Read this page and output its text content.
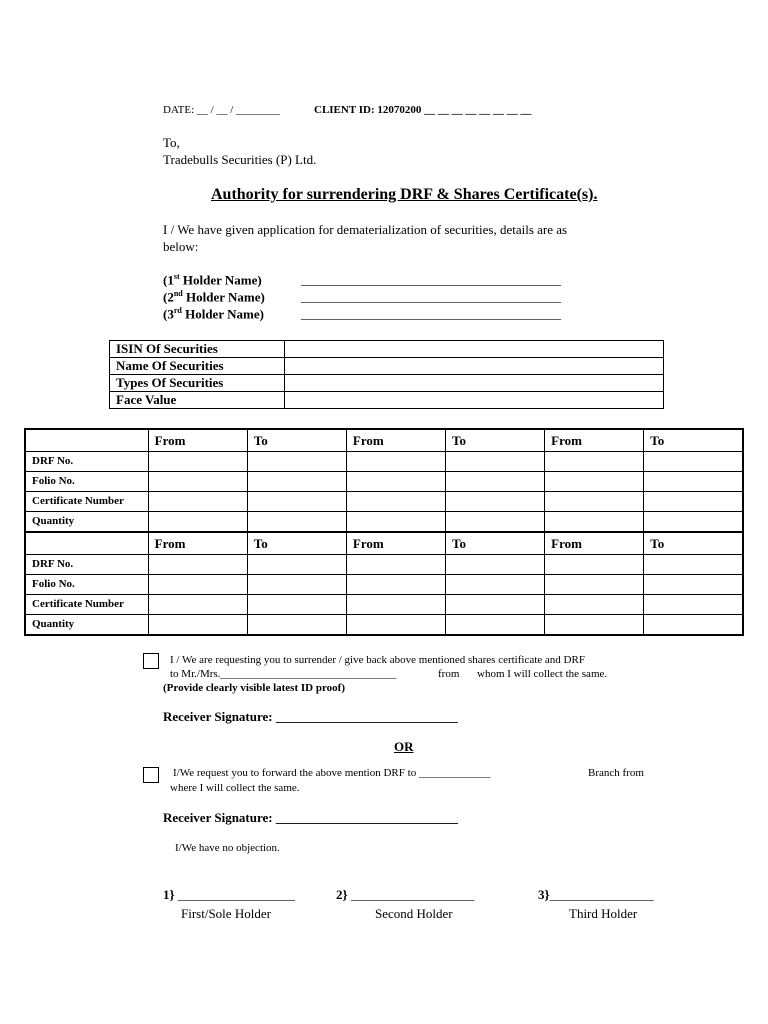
DATE: __ / __ / ________	CLIENT ID: 12070200 __ __ __ __ __ __ __ __
To,
Tradebulls Securities (P) Ltd.
Authority for surrendering DRF & Shares Certificate(s).
I / We have given application for dematerialization of securities, details are as
below:
(1st Holder Name)	________________________________________
(2nd Holder Name)	________________________________________
(3rd Holder Name)	________________________________________
ISIN Of Securities	
Name Of Securities	
Types Of Securities	
Face Value	
	From	To	From	To	From	To
DRF No.						
Folio No.						
Certificate Number						
Quantity						
	From	To	From	To	From	To
DRF No.						
Folio No.						
Certificate Number						
Quantity						
I / We are requesting you to surrender / give back above mentioned shares certificate and DRF
to Mr./Mrs.________________________________	from whom I will collect the same.
(Provide clearly visible latest ID proof)
Receiver Signature: ____________________________
OR
I/We request you to forward the above mention DRF to _____________	Branch from
where I will collect the same.
Receiver Signature: ____________________________
I/We have no objection.
1} __________________
First/Sole Holder
2} ___________________
Second Holder
3}________________
Third Holder
